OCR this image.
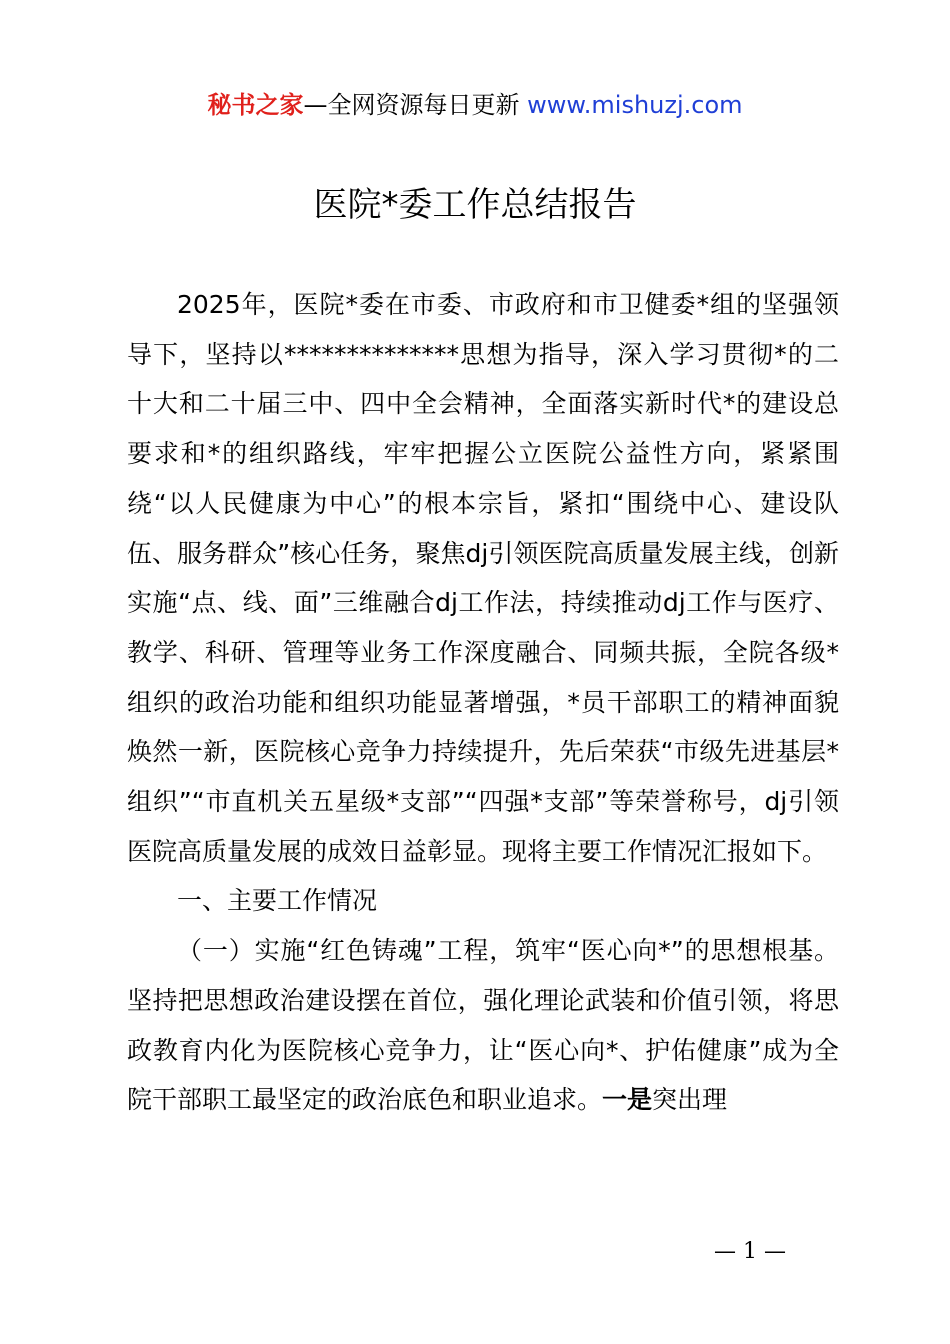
秘书之家—全网资源每日更新 www.mishuzj.com
医院*委工作总结报告

2025年，医院*委在市委、市政府和市卫健委*组的坚强领导下，坚持以**************思想为指导，深入学习贯彻*的二十大和二十届三中、四中全会精神，全面落实新时代*的建设总要求和*的组织路线，牢牢把握公立医院公益性方向，紧紧围绕“以人民健康为中心”的根本宗旨，紧扣“围绕中心、建设队伍、服务群众”核心任务，聚焦dj引领医院高质量发展主线，创新实施“点、线、面”三维融合dj工作法，持续推动dj工作与医疗、教学、科研、管理等业务工作深度融合、同频共振，全院各级*组织的政治功能和组织功能显著增强，*员干部职工的精神面貌焕然一新，医院核心竞争力持续提升，先后荣获“市级先进基层*组织”“市直机关五星级*支部”“四强*支部”等荣誉称号，dj引领医院高质量发展的成效日益彰显。现将主要工作情况汇报如下。

一、主要工作情况

（一）实施“红色铸魂”工程，筑牢“医心向*”的思想根基。坚持把思想政治建设摆在首位，强化理论武装和价值引领，将思政教育内化为医院核心竞争力，让“医心向*、护佑健康”成为全院干部职工最坚定的政治底色和职业追求。一是突出理

— 1 —
